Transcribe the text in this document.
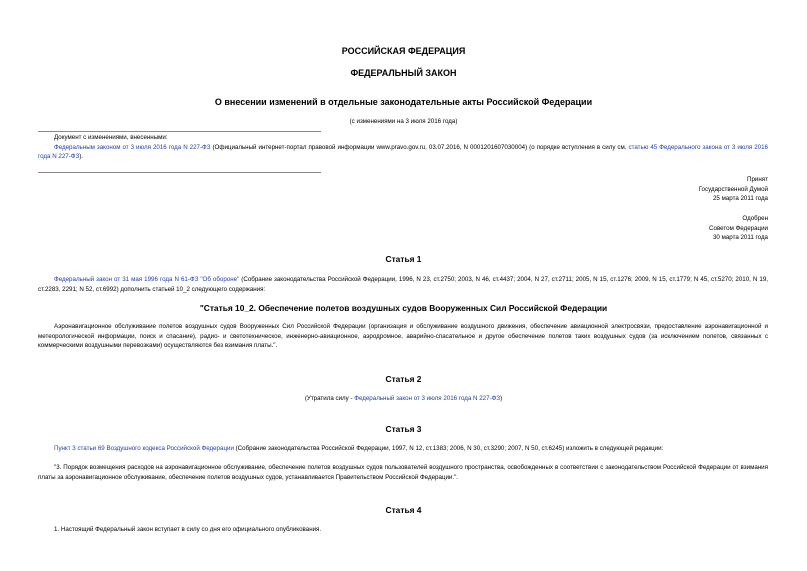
РОССИЙСКАЯ ФЕДЕРАЦИЯ

ФЕДЕРАЛЬНЫЙ ЗАКОН

О внесении изменений в отдельные законодательные акты Российской Федерации

(с изменениями на 3 июля 2016 года)

Документ с изменениями, внесенными:
Федеральным законом от 3 июля 2016 года N 227-ФЗ (Официальный интернет-портал правовой информации www.pravo.gov.ru, 03.07.2016, N 0001201607030004) (о порядке вступления в силу см. статью 45 Федерального закона от 3 июля 2016 года N 227-ФЗ).
Принят
Государственной Думой
25 марта 2011 года
Одобрен
Советом Федерации
30 марта 2011 года

Статья 1

Федеральный закон от 31 мая 1996 года N 61-ФЗ "Об обороне" (Собрание законодательства Российской Федерации, 1996, N 23, ст.2750; 2003, N 46, ст.4437; 2004, N 27, ст.2711; 2005, N 15, ст.1276; 2009, N 15, ст.1779; N 45, ст.5270; 2010, N 19, ст.2283, 2291; N 52, ст.6992) дополнить статьей 10_2 следующего содержания:

"Статья 10_2. Обеспечение полетов воздушных судов Вооруженных Сил Российской Федерации

Аэронавигационное обслуживание полетов воздушных судов Вооруженных Сил Российской Федерации (организация и обслуживание воздушного движения, обеспечение авиационной электросвязи, предоставление аэронавигационной и метеорологической информации, поиск и спасание), радио- и светотехническое, инженерно-авиационное, аэродромное, аварийно-спасательное и другое обеспечение полетов таких воздушных судов (за исключением полетов, связанных с коммерческими воздушными перевозками) осуществляются без взимания платы.".

Статья 2

(Утратила силу - Федеральный закон от 3 июля 2016 года N 227-ФЗ)

Статья 3

Пункт 3 статьи 69 Воздушного кодекса Российской Федерации (Собрание законодательства Российской Федерации, 1997, N 12, ст.1383; 2006, N 30, ст.3290; 2007, N 50, ст.6245) изложить в следующей редакции:
"3. Порядок возмещения расходов на аэронавигационное обслуживание, обеспечение полетов воздушных судов пользователей воздушного пространства, освобожденных в соответствии с законодательством Российской Федерации от взимания платы за аэронавигационное обслуживание, обеспечение полетов воздушных судов, устанавливается Правительством Российской Федерации.".

Статья 4

1. Настоящий Федеральный закон вступает в силу со дня его официального опубликования.
